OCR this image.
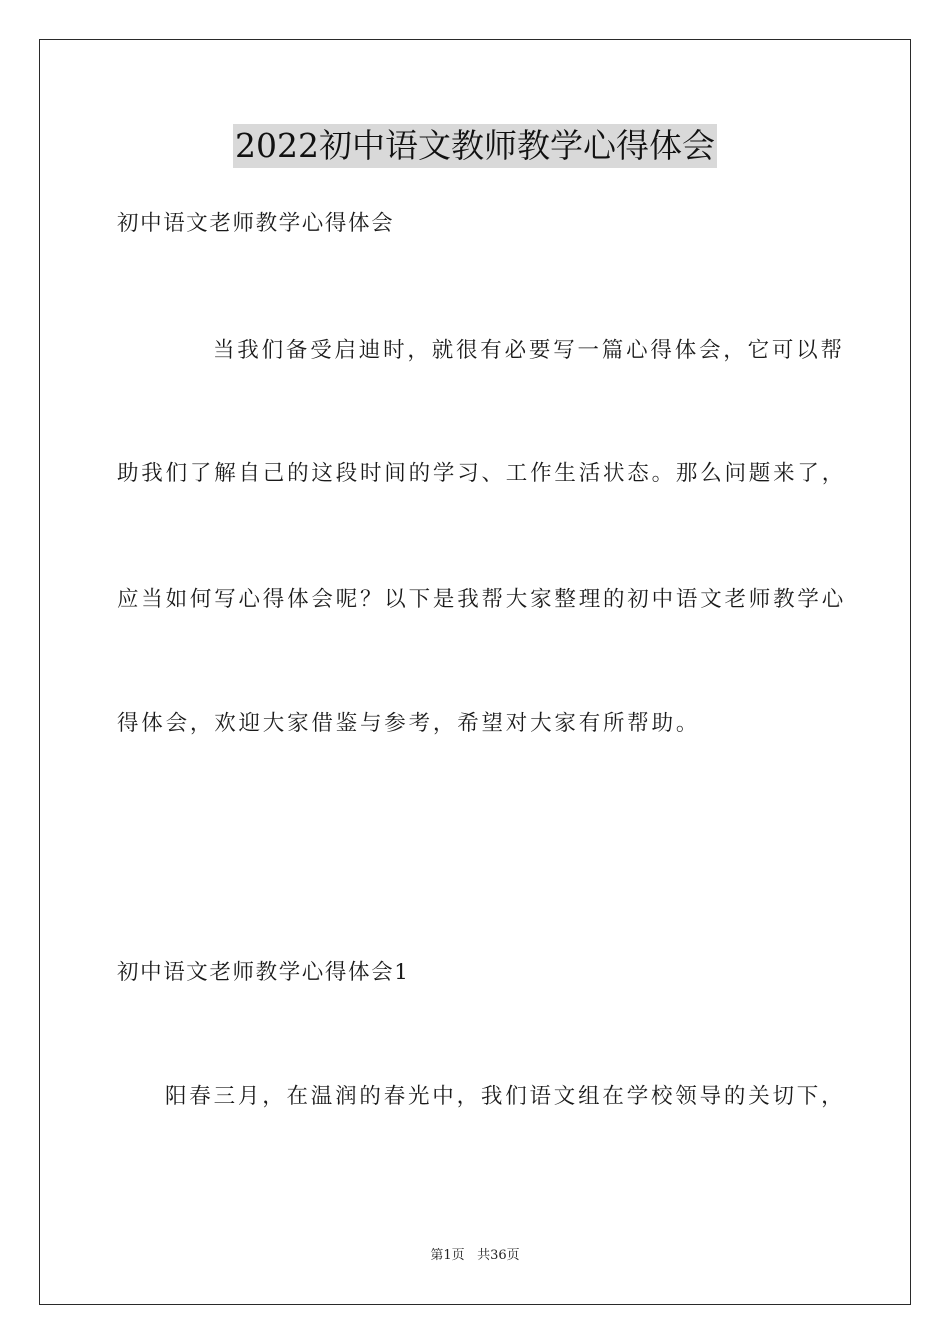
2022初中语文教师教学心得体会
初中语文老师教学心得体会
当我们备受启迪时，就很有必要写一篇心得体会，它可以帮
助我们了解自己的这段时间的学习、工作生活状态。那么问题来了，
应当如何写心得体会呢？以下是我帮大家整理的初中语文老师教学心
得体会，欢迎大家借鉴与参考，希望对大家有所帮助。
初中语文老师教学心得体会1
阳春三月，在温润的春光中，我们语文组在学校领导的关切下，
第1页 共36页
